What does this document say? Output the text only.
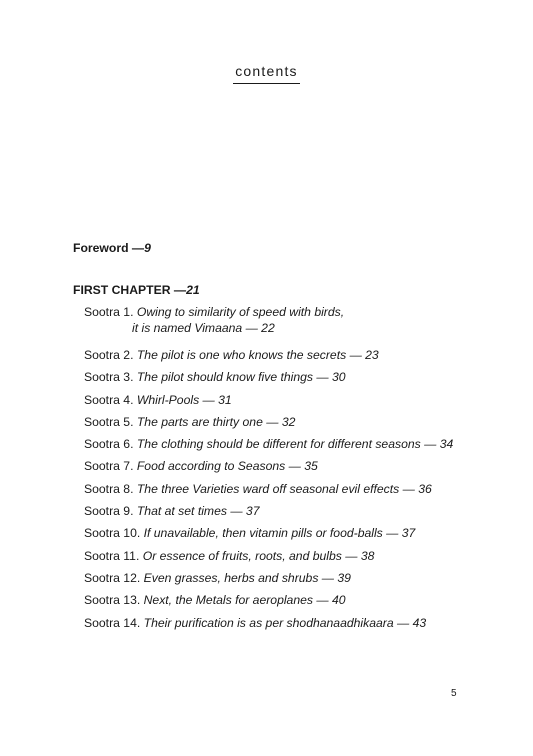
contents
Foreword —9
FIRST CHAPTER —21
Sootra 1. Owing to similarity of speed with birds,
it is named Vimaana — 22
Sootra 2. The pilot is one who knows the secrets — 23
Sootra 3. The pilot should know five things — 30
Sootra 4. Whirl-Pools — 31
Sootra 5. The parts are thirty one — 32
Sootra 6. The clothing should be different for different seasons — 34
Sootra 7. Food according to Seasons — 35
Sootra 8. The three Varieties ward off seasonal evil effects — 36
Sootra 9. That at set times — 37
Sootra 10. If unavailable, then vitamin pills or food-balls — 37
Sootra 11. Or essence of fruits, roots, and bulbs — 38
Sootra 12. Even grasses, herbs and shrubs — 39
Sootra 13. Next, the Metals for aeroplanes — 40
Sootra 14. Their purification is as per shodhanaadhikaara — 43
5
